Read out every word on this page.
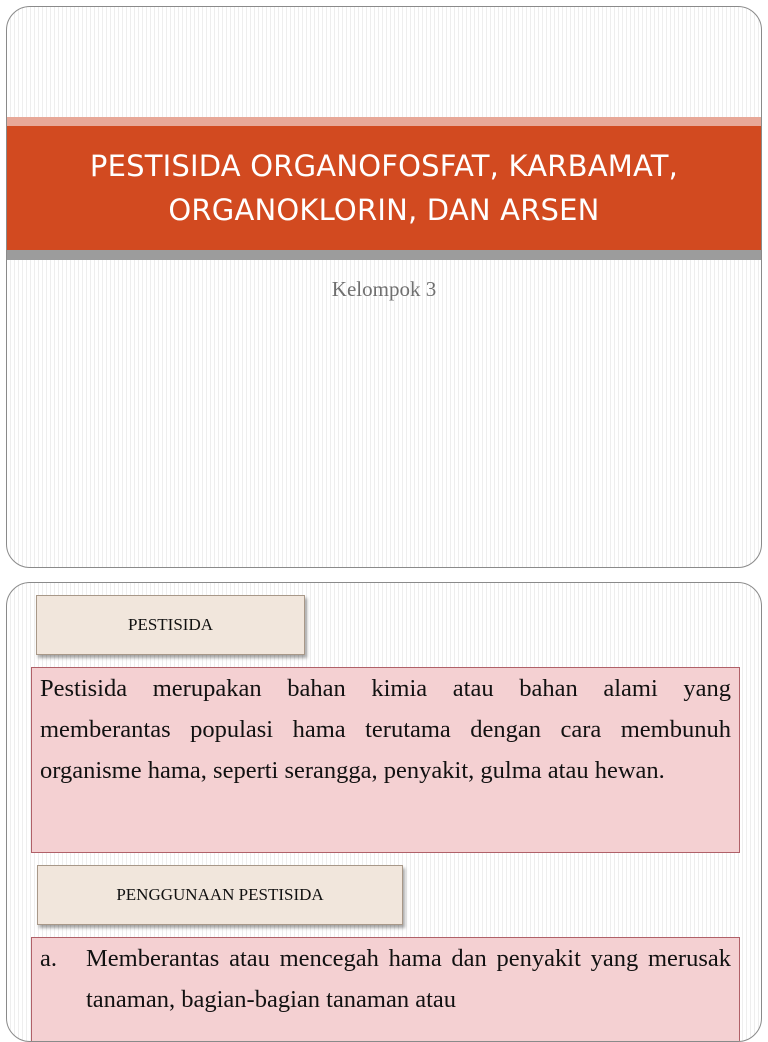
PESTISIDA ORGANOFOSFAT, KARBAMAT,
ORGANOKLORIN, DAN ARSEN
Kelompok 3
PESTISIDA
Pestisida merupakan bahan kimia atau bahan alami yang memberantas populasi hama terutama dengan cara membunuh organisme hama, seperti serangga, penyakit, gulma atau hewan.
PENGGUNAAN PESTISIDA
a.	Memberantas atau mencegah hama dan penyakit yang merusak tanaman, bagian-bagian tanaman atau
